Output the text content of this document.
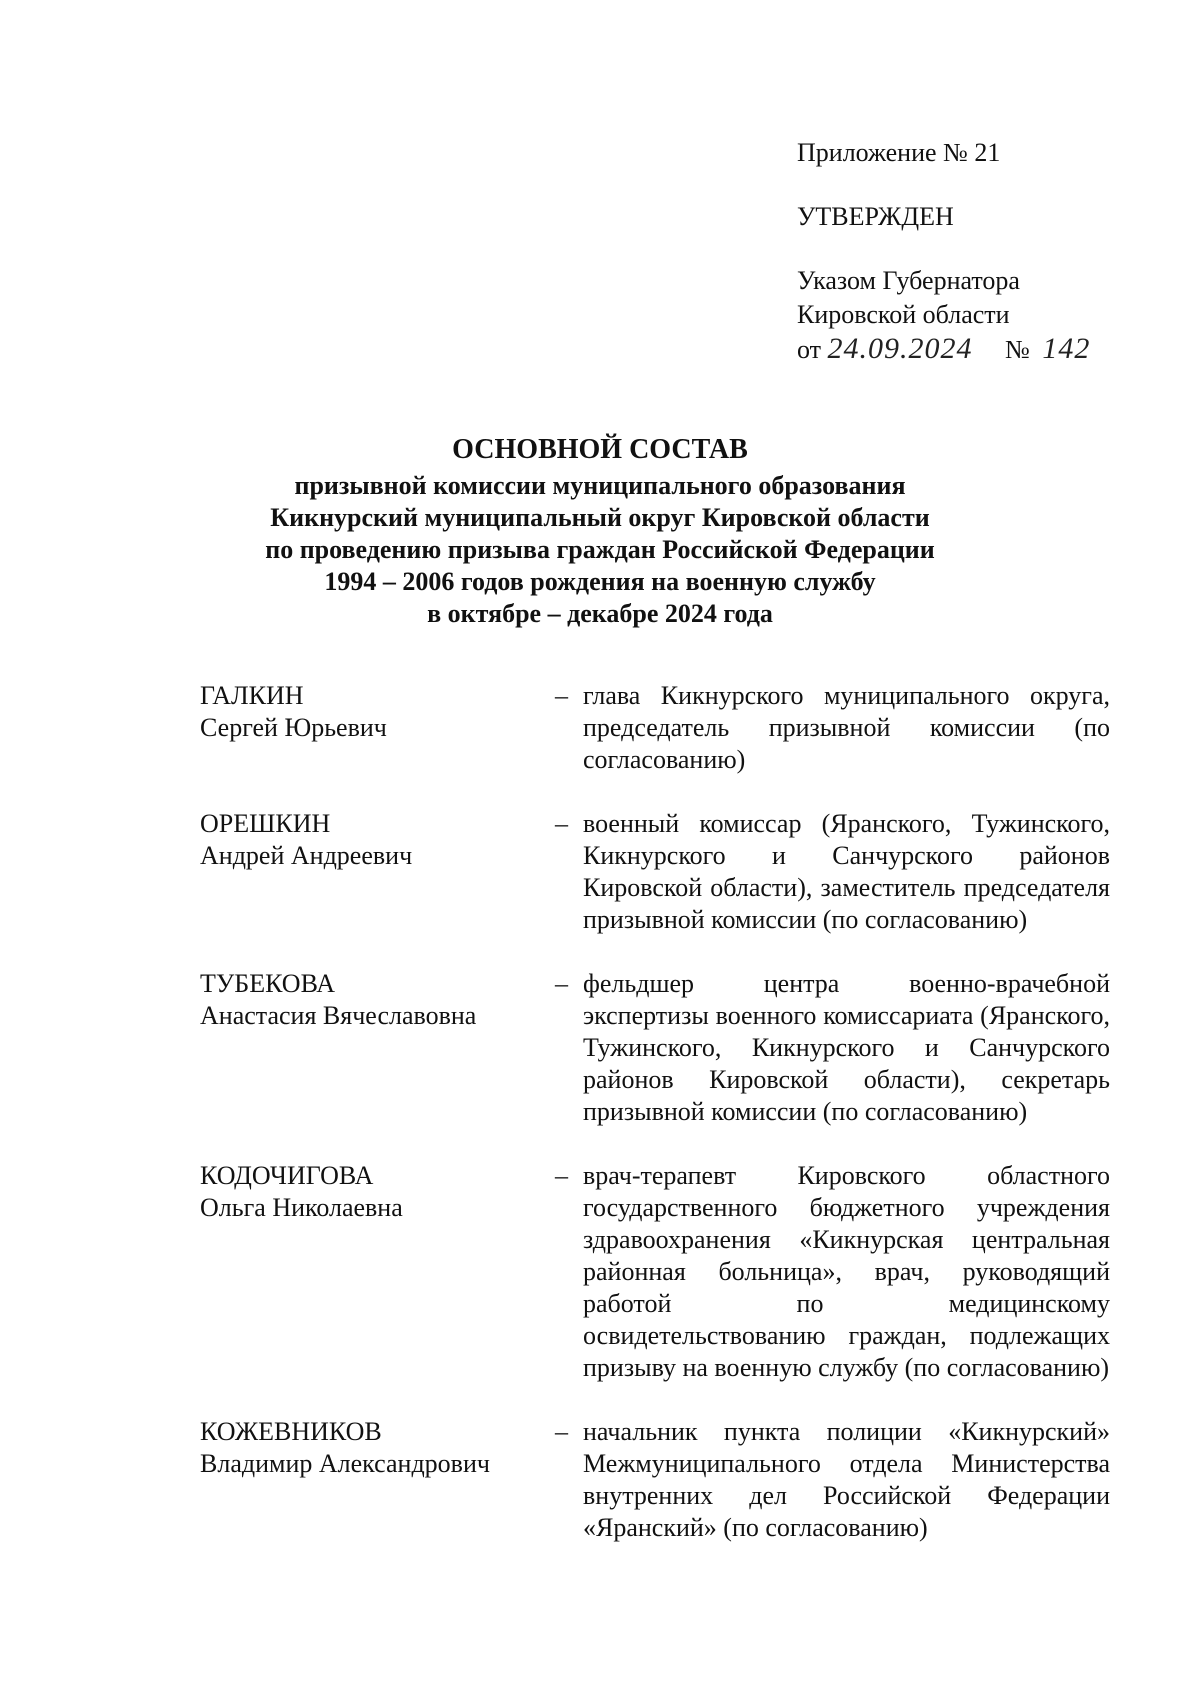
Приложение № 21
УТВЕРЖДЕН
Указом Губернатора
Кировской области
от 24.09.2024 № 142
ОСНОВНОЙ СОСТАВ
призывной комиссии муниципального образования
Кикнурский муниципальный округ Кировской области
по проведению призыва граждан Российской Федерации
1994 – 2006 годов рождения на военную службу
в октябре – декабре 2024 года
ГАЛКИН
Сергей Юрьевич
– глава Кикнурского муниципального округа, председатель призывной комиссии (по согласованию)
ОРЕШКИН
Андрей Андреевич
– военный комиссар (Яранского, Тужинского, Кикнурского и Санчурского районов Кировской области), заместитель председателя призывной комиссии (по согласованию)
ТУБЕКОВА
Анастасия Вячеславовна
– фельдшер центра военно-врачебной экспертизы военного комиссариата (Яранского, Тужинского, Кикнурского и Санчурского районов Кировской области), секретарь призывной комиссии (по согласованию)
КОДОЧИГОВА
Ольга Николаевна
– врач-терапевт Кировского областного государственного бюджетного учреждения здравоохранения «Кикнурская центральная районная больница», врач, руководящий работой по медицинскому освидетельствованию граждан, подлежащих призыву на военную службу (по согласованию)
КОЖЕВНИКОВ
Владимир Александрович
– начальник пункта полиции «Кикнурский» Межмуниципального отдела Министерства внутренних дел Российской Федерации «Яранский» (по согласованию)
